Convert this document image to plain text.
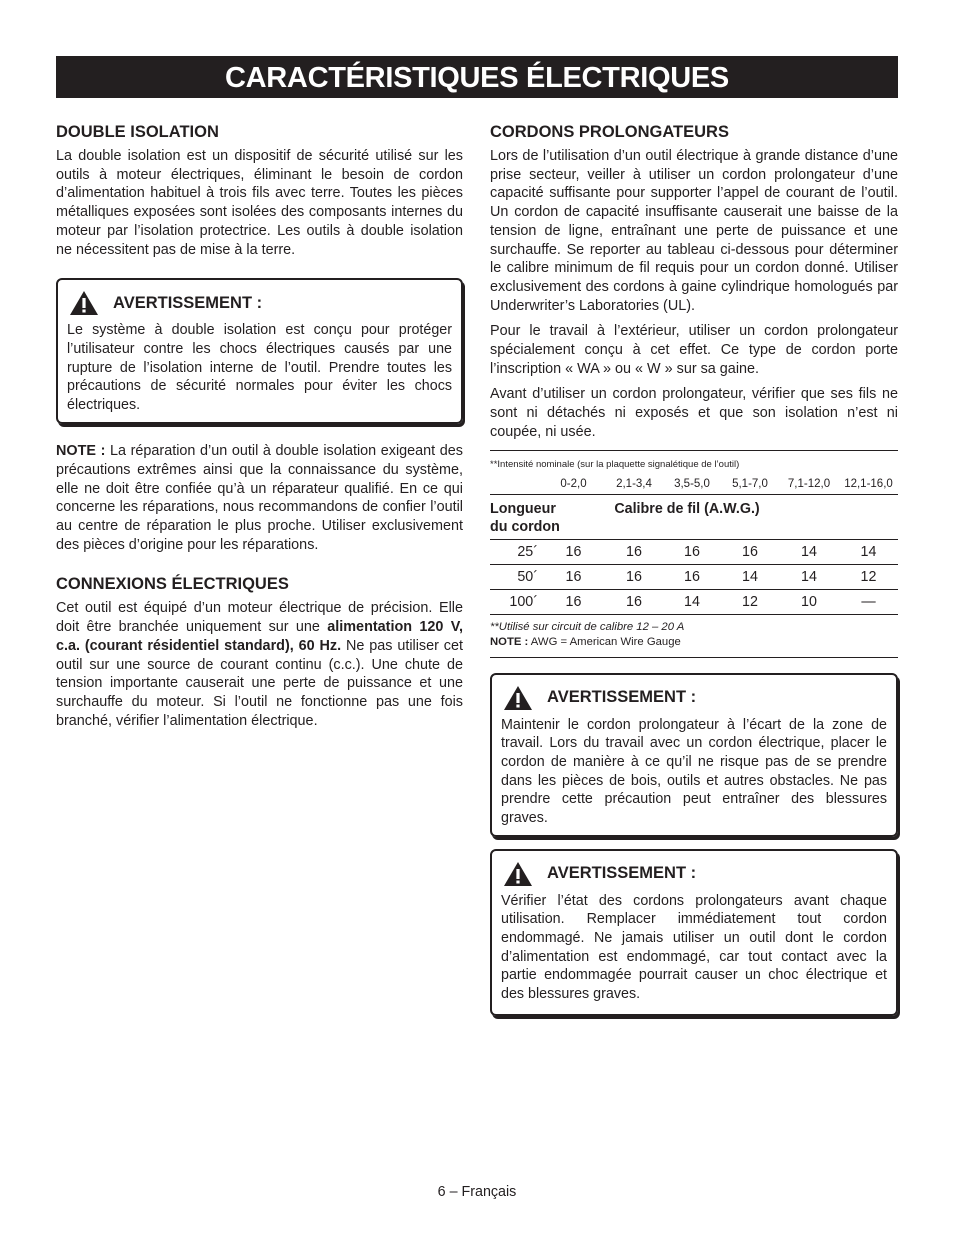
CARACTÉRISTIQUES ÉLECTRIQUES
DOUBLE ISOLATION

La double isolation est un dispositif de sécurité utilisé sur les outils à moteur électriques, éliminant le besoin de cordon d’alimentation habituel à trois fils avec terre. Toutes les pièces métalliques exposées sont isolées des composants internes du moteur par l’isolation protectrice. Les outils à double isolation ne nécessitent pas de mise à la terre.

AVERTISSEMENT :

Le système à double isolation est conçu pour protéger l’utilisateur contre les chocs électriques causés par une rupture de l’isolation interne de l’outil. Prendre toutes les précautions de sécurité normales pour éviter les chocs électriques.

NOTE : La réparation d’un outil à double isolation exigeant des précautions extrêmes ainsi que la connaissance du système, elle ne doit être confiée qu’à un réparateur qualifié. En ce qui concerne les réparations, nous recommandons de confier l’outil au centre de réparation le plus proche. Utiliser exclusivement des pièces d’origine pour les réparations.

CONNEXIONS ÉLECTRIQUES

Cet outil est équipé d’un moteur électrique de précision. Elle doit être branchée uniquement sur une alimentation 120 V, c.a. (courant résidentiel standard), 60 Hz. Ne pas utiliser cet outil sur une source de courant continu (c.c.). Une chute de tension importante causerait une perte de puissance et une surchauffe du moteur. Si l’outil ne fonctionne pas une fois branché, vérifier l’alimentation électrique.

CORDONS PROLONGATEURS

Lors de l’utilisation d’un outil électrique à grande distance d’une prise secteur, veiller à utiliser un cordon prolongateur d’une capacité suffisante pour supporter l’appel de courant de l’outil. Un cordon de capacité insuffisante causerait une baisse de la tension de ligne, entraînant une perte de puissance et une surchauffe. Se reporter au tableau ci-dessous pour déterminer le calibre minimum de fil requis pour un cordon donné. Utiliser exclusivement des cordons à gaine cylindrique homologués par Underwriter’s Laboratories (UL).

Pour le travail à l’extérieur, utiliser un cordon prolongateur spécialement conçu à cet effet. Ce type de cordon porte l’inscription « WA » ou « W » sur sa gaine.

Avant d’utiliser un cordon prolongateur, vérifier que ses fils ne sont ni détachés ni exposés et que son isolation n’est ni coupée, ni usée.

**Intensité nominale (sur la plaquette signalétique de l’outil)
	0-2,0	2,1-3,4	3,5-5,0	5,1-7,0	7,1-12,0	12,1-16,0
Longueur du cordon		Calibre de fil (A.W.G.)				
25´	16	16	16	16	14	14
50´	16	16	16	14	14	12
100´	16	16	14	12	10	—
**Utilisé sur circuit de calibre 12 – 20 A
NOTE : AWG = American Wire Gauge
AVERTISSEMENT :

Maintenir le cordon prolongateur à l’écart de la zone de travail. Lors du travail avec un cordon électrique, placer le cordon de manière à ce qu’il ne risque pas de se prendre dans les pièces de bois, outils et autres obstacles. Ne pas prendre cette précaution peut entraîner des blessures graves.

AVERTISSEMENT :

Vérifier l’état des cordons prolongateurs avant chaque utilisation. Remplacer immédiatement tout cordon endommagé. Ne jamais utiliser un outil dont le cordon d’alimentation est endommagé, car tout contact avec la partie endommagée pourrait causer un choc électrique et des blessures graves.

6 – Français
